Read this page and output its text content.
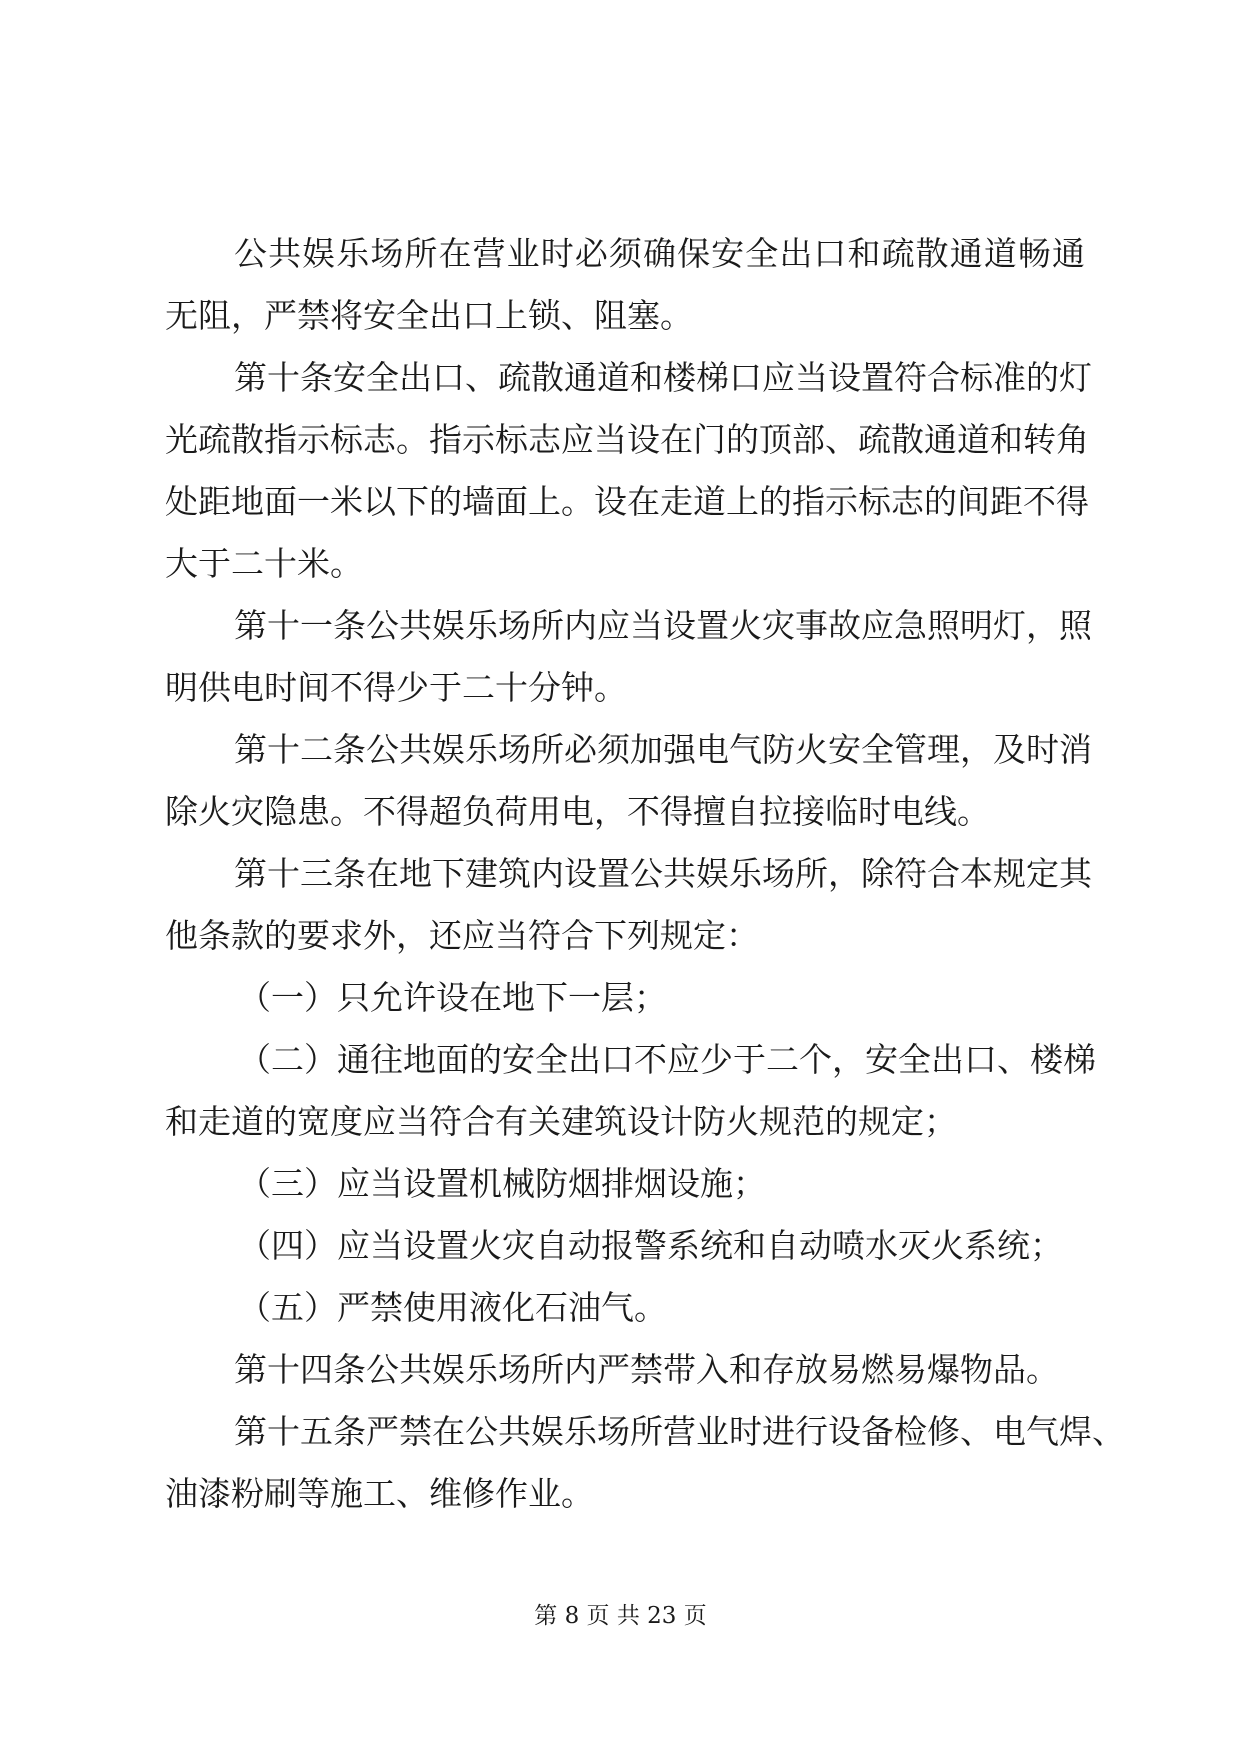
公共娱乐场所在营业时必须确保安全出口和疏散通道畅通
无阻，严禁将安全出口上锁、阻塞。
第十条安全出口、疏散通道和楼梯口应当设置符合标准的灯
光疏散指示标志。指示标志应当设在门的顶部、疏散通道和转角
处距地面一米以下的墙面上。设在走道上的指示标志的间距不得
大于二十米。
第十一条公共娱乐场所内应当设置火灾事故应急照明灯，照
明供电时间不得少于二十分钟。
第十二条公共娱乐场所必须加强电气防火安全管理，及时消
除火灾隐患。不得超负荷用电，不得擅自拉接临时电线。
第十三条在地下建筑内设置公共娱乐场所，除符合本规定其
他条款的要求外，还应当符合下列规定：
（一）只允许设在地下一层；
（二）通往地面的安全出口不应少于二个，安全出口、楼梯
和走道的宽度应当符合有关建筑设计防火规范的规定；
（三）应当设置机械防烟排烟设施；
（四）应当设置火灾自动报警系统和自动喷水灭火系统；
（五）严禁使用液化石油气。
第十四条公共娱乐场所内严禁带入和存放易燃易爆物品。
第十五条严禁在公共娱乐场所营业时进行设备检修、电气焊、
油漆粉刷等施工、维修作业。
第 8 页 共 23 页
